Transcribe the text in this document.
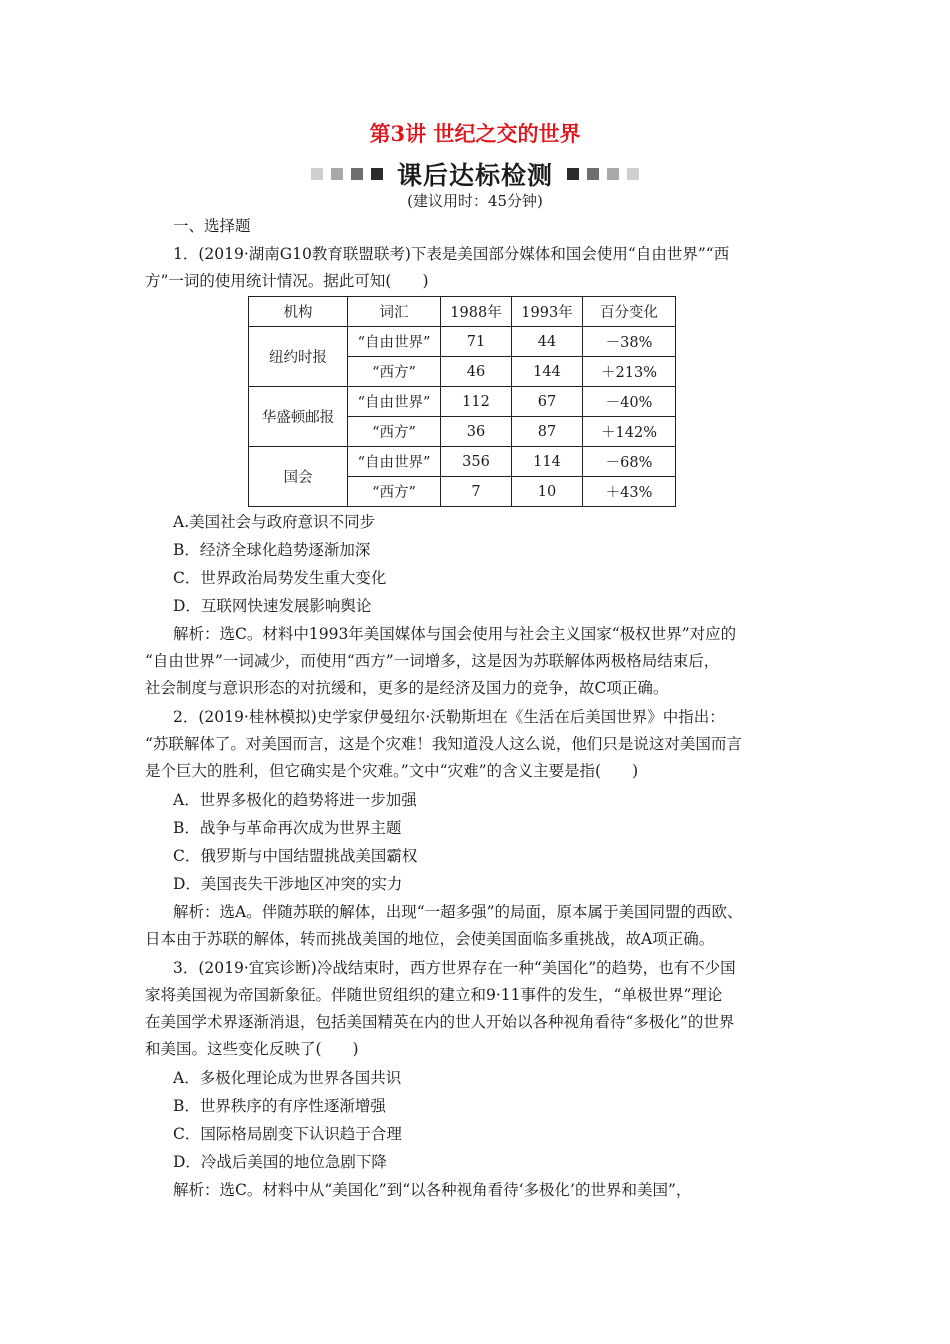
第3讲 世纪之交的世界
课后达标检测
(建议用时：45分钟)
一、选择题
1．(2019·湖南G10教育联盟联考)下表是美国部分媒体和国会使用“自由世界”“西
方”一词的使用统计情况。据此可知(　　)
机构	词汇	1988年	1993年	百分变化
纽约时报	“自由世界”	71	44	－38%
	“西方”	46	144	＋213%
华盛顿邮报	“自由世界”	112	67	－40%
	“西方”	36	87	＋142%
国会	“自由世界”	356	114	－68%
	“西方”	7	10	＋43%
A.美国社会与政府意识不同步
B．经济全球化趋势逐渐加深
C．世界政治局势发生重大变化
D．互联网快速发展影响舆论
解析：选C。材料中1993年美国媒体与国会使用与社会主义国家“极权世界”对应的
“自由世界”一词减少，而使用“西方”一词增多，这是因为苏联解体两极格局结束后，
社会制度与意识形态的对抗缓和，更多的是经济及国力的竞争，故C项正确。
2．(2019·桂林模拟)史学家伊曼纽尔·沃勒斯坦在《生活在后美国世界》中指出：
“苏联解体了。对美国而言，这是个灾难！我知道没人这么说，他们只是说这对美国而言
是个巨大的胜利，但它确实是个灾难。”文中“灾难”的含义主要是指(　　)
A．世界多极化的趋势将进一步加强
B．战争与革命再次成为世界主题
C．俄罗斯与中国结盟挑战美国霸权
D．美国丧失干涉地区冲突的实力
解析：选A。伴随苏联的解体，出现“一超多强”的局面，原本属于美国同盟的西欧、
日本由于苏联的解体，转而挑战美国的地位，会使美国面临多重挑战，故A项正确。
3．(2019·宜宾诊断)冷战结束时，西方世界存在一种“美国化”的趋势，也有不少国
家将美国视为帝国新象征。伴随世贸组织的建立和9·11事件的发生，“单极世界”理论
在美国学术界逐渐消退，包括美国精英在内的世人开始以各种视角看待“多极化”的世界
和美国。这些变化反映了(　　)
A．多极化理论成为世界各国共识
B．世界秩序的有序性逐渐增强
C．国际格局剧变下认识趋于合理
D．冷战后美国的地位急剧下降
解析：选C。材料中从“美国化”到“以各种视角看待‘多极化’的世界和美国”，
